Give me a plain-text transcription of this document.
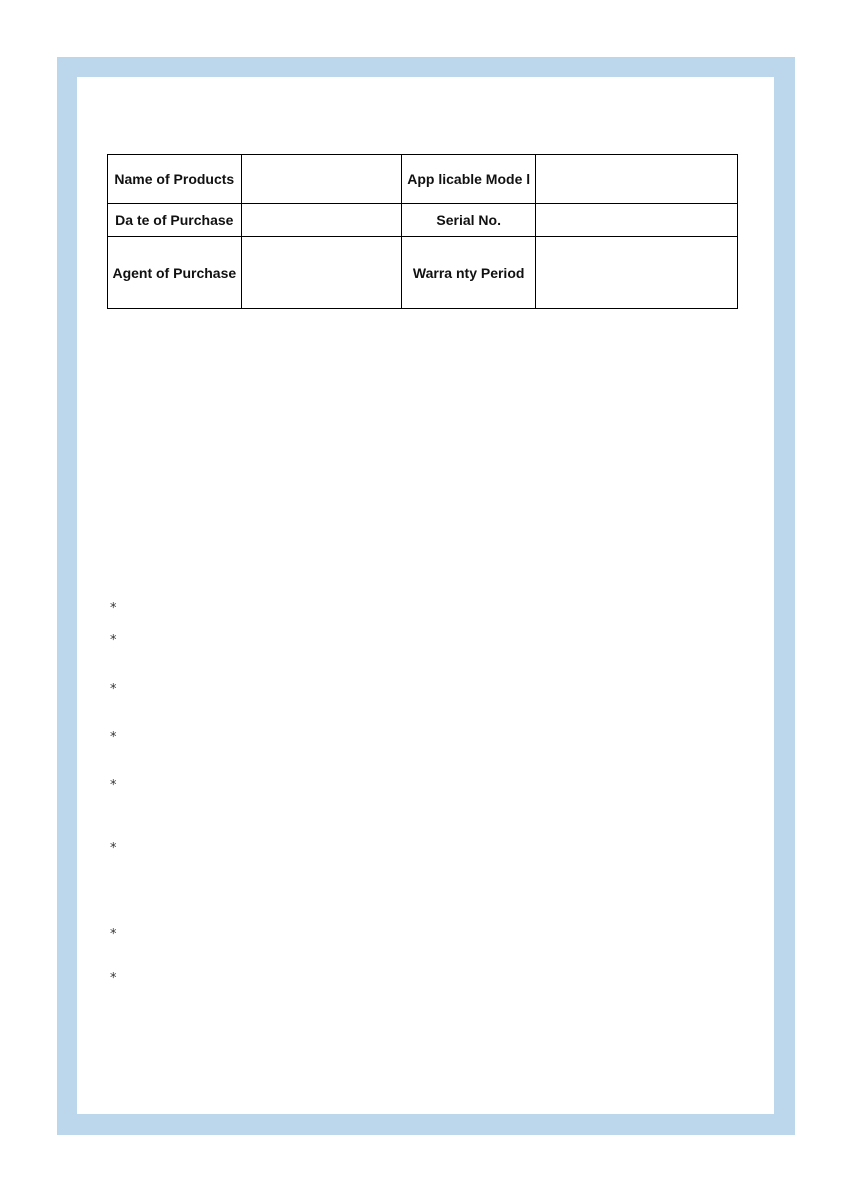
Name of Products		App licable Mode l	
Da te of Purchase		Serial No.	
Agent of Purchase		Warra nty Period	
*
*
*
*
*
*
*
*
